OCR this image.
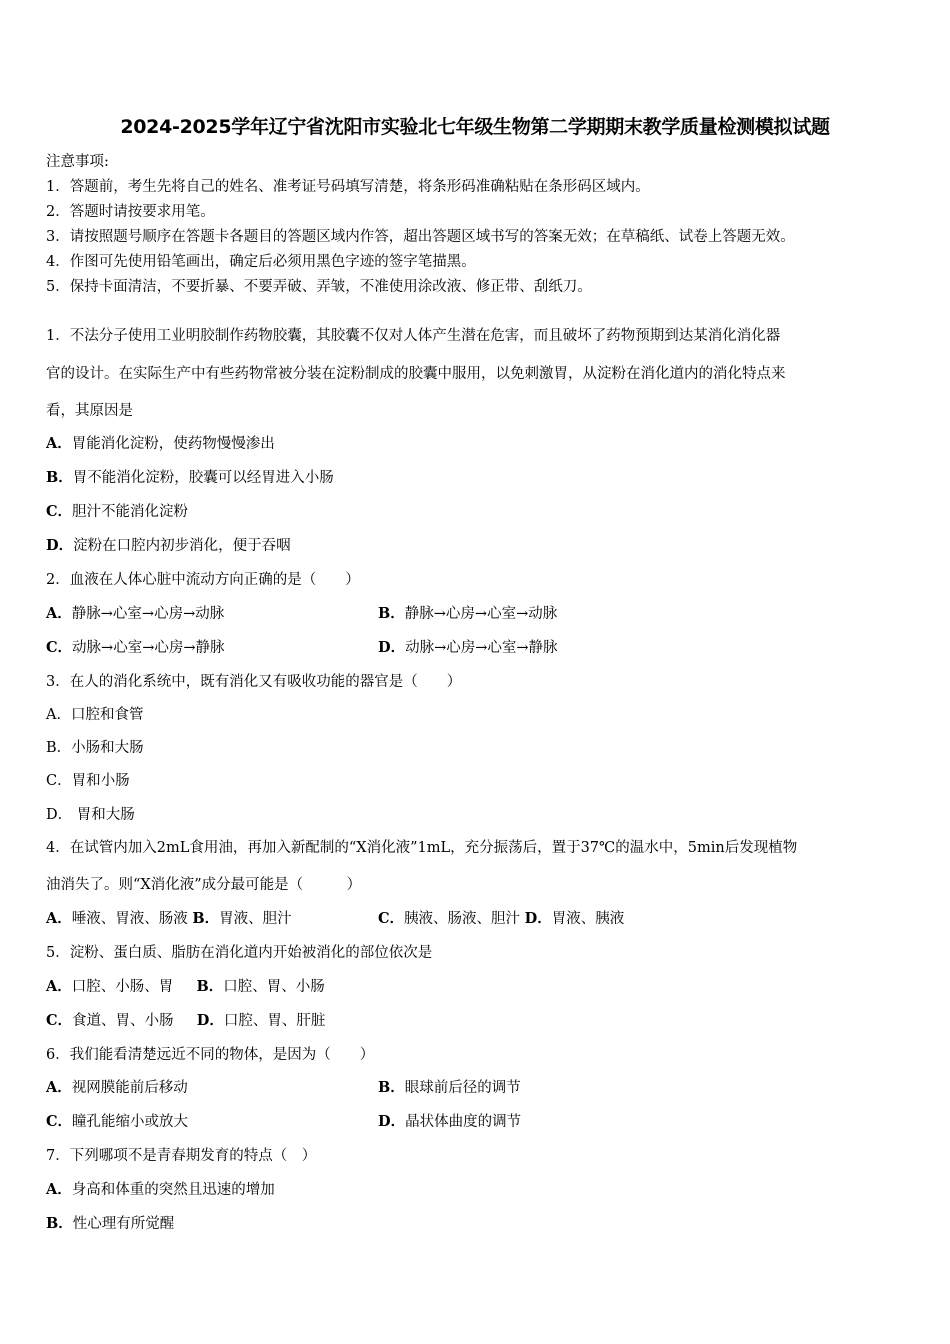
2024-2025学年辽宁省沈阳市实验北七年级生物第二学期期末教学质量检测模拟试题
注意事项:
1．答题前，考生先将自己的姓名、准考证号码填写清楚，将条形码准确粘贴在条形码区域内。
2．答题时请按要求用笔。
3．请按照题号顺序在答题卡各题目的答题区域内作答，超出答题区域书写的答案无效；在草稿纸、试卷上答题无效。
4．作图可先使用铅笔画出，确定后必须用黑色字迹的签字笔描黑。
5．保持卡面清洁，不要折暴、不要弄破、弄皱，不准使用涂改液、修正带、刮纸刀。
1．不法分子使用工业明胶制作药物胶囊，其胶囊不仅对人体产生潜在危害，而且破坏了药物预期到达某消化消化器
官的设计。在实际生产中有些药物常被分装在淀粉制成的胶囊中服用，以免刺激胃，从淀粉在消化道内的消化特点来
看，其原因是
A．胃能消化淀粉，使药物慢慢渗出
B．胃不能消化淀粉，胶囊可以经胃进入小肠
C．胆汁不能消化淀粉
D．淀粉在口腔内初步消化，便于吞咽
2．血液在人体心脏中流动方向正确的是（　　）
A．静脉→心室→心房→动脉	B．静脉→心房→心室→动脉
C．动脉→心室→心房→静脉	D．动脉→心房→心室→静脉
3．在人的消化系统中，既有消化又有吸收功能的器官是（　　）
A．口腔和食管
B．小肠和大肠
C．胃和小肠
D． 胃和大肠
4．在试管内加入2mL食用油，再加入新配制的“X消化液”1mL，充分振荡后，置于37℃的温水中，5min后发现植物
油消失了。则“X消化液”成分最可能是（　　　）
A．唾液、胃液、肠液 B．胃液、胆汁	C．胰液、肠液、胆汁 D．胃液、胰液
5．淀粉、蛋白质、脂肪在消化道内开始被消化的部位依次是
A．口腔、小肠、胃 B．口腔、胃、小肠
C．食道、胃、小肠 D．口腔、胃、肝脏
6．我们能看清楚远近不同的物体，是因为（　　）
A．视网膜能前后移动	B．眼球前后径的调节
C．瞳孔能缩小或放大	D．晶状体曲度的调节
7．下列哪项不是青春期发育的特点（　）
A．身高和体重的突然且迅速的增加
B．性心理有所觉醒
